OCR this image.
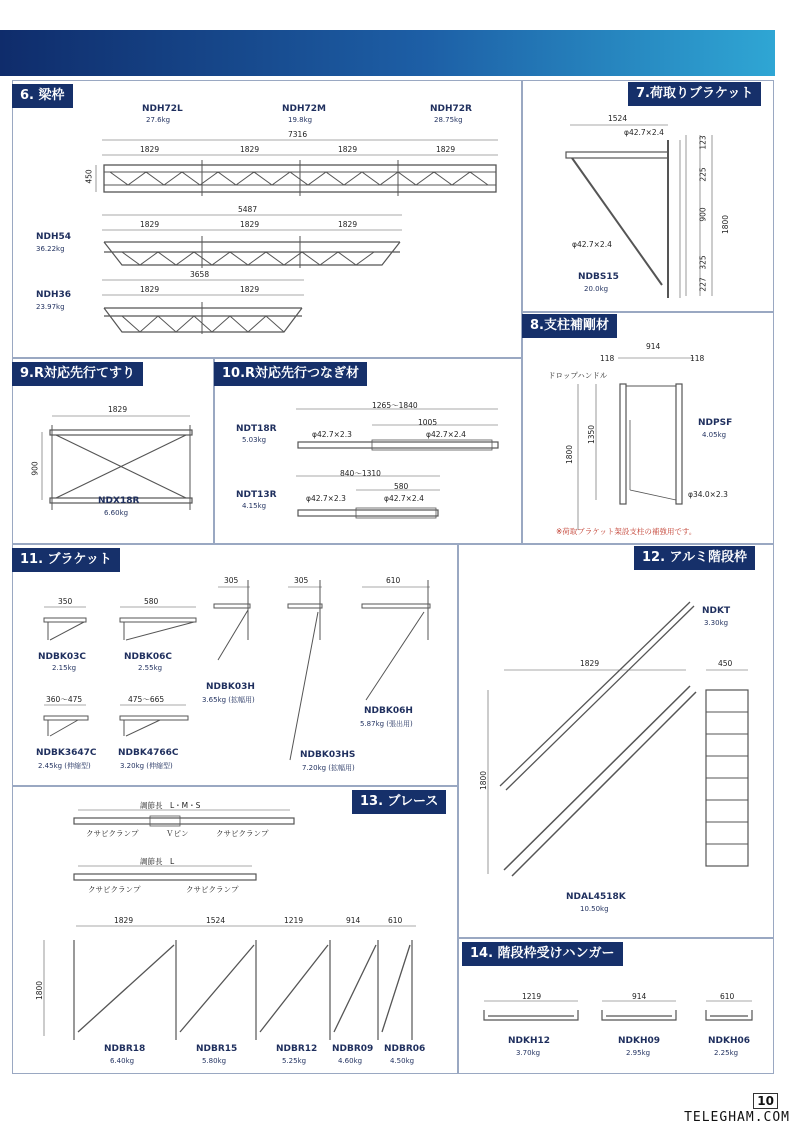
6. 梁枠	7.荷取りブラケット
8.支柱補剛材
9.R対応先行てすり	10.R対応先行つなぎ材
11. ブラケット	12. アルミ階段枠
13. ブレース
14. 階段枠受けハンガー
NDH72L
27.6kg
NDH72M
19.8kg
NDH72R
28.75kg
7316
1829	1829	1829	1829
450
NDH54
36.22kg
5487
1829	1829	1829
NDH36
23.97kg
3658
1829	1829
1524
φ42.7×2.4
φ42.7×2.4
123
225
900
1800
325
227
NDBS15
20.0kg
914
118	118
ドロップハンドル
1350
1800
NDPSF
4.05kg
φ34.0×2.3
※荷取ブラケット架設支柱の補強用です。
1829
900
NDX18R
6.60kg
1265～1840
1005
φ42.7×2.3	φ42.7×2.4
NDT18R
5.03kg
840～1310
580
φ42.7×2.3	φ42.7×2.4
NDT13R
4.15kg
350
NDBK03C
2.15kg
580
NDBK06C
2.55kg
305
NDBK03H
3.65kg (拡幅用)
305
NDBK03HS
7.20kg (拡幅用)
610
NDBK06H
5.87kg (張出用)
360～475
NDBK3647C
2.45kg (伸縮型)
475～665
NDBK4766C
3.20kg (伸縮型)
NDKT
3.30kg
1829	450
1800
NDAL4518K
10.50kg
調節長　L・M・S
クサビクランプ	Ｖピン	クサビクランプ
調節長　L
クサビクランプ	クサビクランプ
1829	1524	1219	914	610
1800
NDBR18
6.40kg
NDBR15
5.80kg
NDBR12
5.25kg
NDBR09
4.60kg
NDBR06
4.50kg
1219	914	610
NDKH12
3.70kg
NDKH09
2.95kg
NDKH06
2.25kg
10
TELEGHAM.COM
